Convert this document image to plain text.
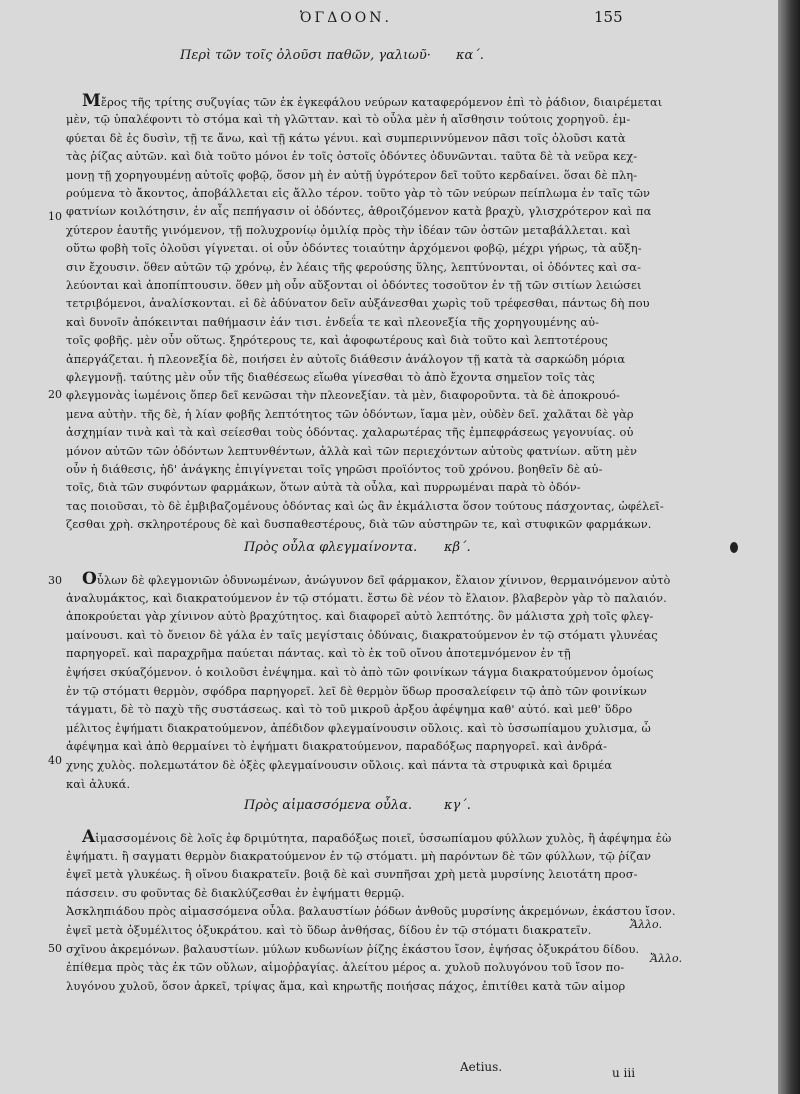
ὈΓΔΟΟΝ.	155
Περὶ τῶν τοῖς ὀλοῦσι παθῶν, γαλιωῦ· κα΄.
Μἔρος τῆς τρίτης συζυγίας τῶν ἐκ ἐγκεφάλου νεύρων καταφερόμενον ἐπὶ τὸ ῥάδιον, διαιρέμεται
μὲν, τῷ ὑπαλέφοντι τὸ στόμα καὶ τὴ γλῶτταν. καὶ τὸ οὖλα μὲν ἡ αἴσθησιν τούτοις χορηγοῦ. ἐμ-
φύεται δὲ ἐς δυσὶν, τῇ τε ἄνω, καὶ τῇ κάτω γένυι. καὶ συμπεριννύμενον πᾶσι τοῖς ὀλοῦσι κατὰ
τὰς ῥίζας αὐτῶν. καὶ διὰ τοῦτο μόνοι ἐν τοῖς ὀστοῖς ὀδόντες ὀδυνῶνται. ταῦτα δὲ τὰ νεῦρα κεχ-
μονῃ τῇ χορηγουμένῃ αὐτοῖς φοβῷ, ὅσον μὴ ἐν αὐτῇ ὑγρότερον δεῖ τοῦτο κερδαίνει. ὅσαι δὲ πλη-
ρούμενα τὸ ἄκοντος, ἀποβάλλεται εἰς ἄλλο τέρον. τοῦτο γὰρ τὸ τῶν νεύρων πείπλωμα ἐν ταῖς τῶν
φατνίων κοιλότησιν, ἐν αἷς πεπήγασιν οἱ ὀδόντες, ἀθροιζόμενον κατὰ βραχὺ, γλισχρότερον καὶ πα
χύτερον ἑαυτῆς γινόμενον, τῇ πολυχρονίῳ ὁμιλίᾳ πρὸς τὴν ἰδέαν τῶν ὀστῶν μεταβάλλεται. καὶ
οὕτω φοβὴ τοῖς ὀλοῦσι γίγνεται. οἱ οὖν ὀδόντες τοιαύτην ἀρχόμενοι φοβῷ, μέχρι γήρως, τὰ αὔξη-
σιν ἔχουσιν. ὅθεν αὐτῶν τῷ χρόνῳ, ἐν λέαις τῆς φερούσης ὕλης, λεπτύνονται, οἱ ὀδόντες καὶ σα-
λεύονται καὶ ἀποπίπτουσιν. ὅθεν μὴ οὖν αὔξονται οἱ ὀδόντες τοσοῦτον ἐν τῇ τῶν σιτίων λειώσει
τετριβόμενοι, ἀναλίσκονται. εἰ δὲ ἀδύνατον δεῖν αὐξάνεσθαι χωρὶς τοῦ τρέφεσθαι, πάντως δὴ που
καὶ δυνοῖν ἀπόκεινται παθήμασιν ἐάν τισι. ἐνδεΐα τε καὶ πλεονεξία τῆς χορηγουμένης αὐ-
τοῖς φοβῆς. μὲν οὖν οὕτως. ξηρότερους τε, καὶ ἀφοφωτέρους καὶ διὰ τοῦτο καὶ λεπτοτέρους
ἀπεργάζεται. ἡ πλεονεξία δὲ, ποιήσει ἐν αὐτοῖς διάθεσιν ἀνάλογον τῇ κατὰ τὰ σαρκώδη μόρια
φλεγμονῇ. ταύτης μὲν οὖν τῆς διαθέσεως εἴωθα γίνεσθαι τὸ ἀπὸ ἔχοντα σημεῖον τοῖς τὰς
φλεγμονὰς ἰωμένοις ὅπερ δεῖ κενῶσαι τὴν πλεονεξίαν. τὰ μὲν, διαφοροῦντα. τὰ δὲ ἀποκρουό-
μενα αὐτὴν. τῆς δὲ, ἡ λίαν φοβῆς λεπτότητος τῶν ὀδόντων, ἴαμα μὲν, οὐδὲν δεῖ. χαλᾶται δὲ γὰρ
ἀσχημίαν τινὰ καὶ τὰ καὶ σείεσθαι τοὺς ὀδόντας. χαλαρωτέρας τῆς ἐμπεφράσεως γεγονυίας. οὐ
μόνον αὐτῶν τῶν ὀδόντων λεπτυνθέντων, ἀλλὰ καὶ τῶν περιεχόντων αὐτοὺς φατνίων. αὕτη μὲν
οὖν ἡ διάθεσις, ἡδ' ἀνάγκης ἐπιγίγνεται τοῖς γηρῶσι προϊόντος τοῦ χρόνου. βοηθεῖν δὲ αὐ-
τοῖς, διὰ τῶν συφόντων φαρμάκων, ὅτων αὐτὰ τὰ οὖλα, καὶ πυρρωμέναι παρὰ τὸ ὀδόν-
τας ποιοῦσαι, τὸ δὲ ἐμβιβαζομένους ὀδόντας καὶ ὡς ἂν ἐκμάλιστα ὅσον τούτους πάσχοντας, ὠφέλεῖ-
ζεσθαι χρὴ. σκληροτέρους δὲ καὶ δυσπαθεστέρους, διὰ τῶν αὐστηρῶν τε, καὶ στυφικῶν φαρμάκων.
Πρὸς οὖλα φλεγμαίνοντα. κβ΄.
Οὖλων δὲ φλεγμονιῶν ὀδυνωμένων, ἀνώγυνον δεῖ φάρμακον, ἔλαιον χίνινον, θερμαινόμενον αὐτὸ
ἀναλυμάκτος, καὶ διακρατούμενον ἐν τῷ στόματι. ἔστω δὲ νέον τὸ ἔλαιον. βλαβερὸν γὰρ τὸ παλαιόν.
ἀποκρούεται γὰρ χίνινον αὐτὸ βραχύτητος. καὶ διαφορεῖ αὐτὸ λεπτότης. ὃν μάλιστα χρὴ τοῖς φλεγ-
μαίνουσι. καὶ τὸ ὄνειον δὲ γάλα ἐν ταῖς μεγίσταις ὀδύναις, διακρατούμενον ἐν τῷ στόματι γλυνέας
παρηγορεῖ. καὶ παραχρῆμα παύεται πάντας. καὶ τὸ ἐκ τοῦ οἴνου ἀποτεμνόμενον ἐν τῇ
ἐψήσει σκύαζόμενον. ὁ κοιλοῦσι ἐνέψημα. καὶ τὸ ἀπὸ τῶν φοινίκων τάγμα διακρατούμενον ὁμοίως
ἐν τῷ στόματι θερμὸν, σφόδρα παρηγορεῖ. λεῖ δὲ θερμὸν ὕδωρ προσαλείφειν τῷ ἀπὸ τῶν φοινίκων
τάγματι, δὲ τὸ παχὺ τῆς συστάσεως. καὶ τὸ τοῦ μικροῦ ἀρξου ἀφέψημα καθ' αὑτό. καὶ μεθ' ὕδρο
μέλιτος ἐψήματι διακρατούμενον, ἀπέδιδον φλεγμαίνουσιν οὔλοις. καὶ τὸ ὑσσωπίαμου χυλισμα, ὧ
ἀφέψημα καὶ ἀπὸ θερμαίνει τὸ ἐψήματι διακρατούμενον, παραδόξως παρηγορεῖ. καὶ ἀνδρά-
χνης χυλὸς. πολεμωτάτον δὲ ὀξὲς φλεγμαίνουσιν οὔλοις. καὶ πάντα τὰ στρυφικὰ καὶ δριμέα
καὶ ἀλυκά.
Πρὸς αἱμασσόμενα οὖλα. κγ΄.
Αἱμασσομένοις δὲ λοῖς ἐφ δριμύτητα, παραδόξως ποιεῖ, ὑσσωπίαμου φύλλων χυλὸς, ἢ ἀφέψημα ἐὼ
ἐψήματι. ἢ σαγματι θερμὸν διακρατούμενον ἐν τῷ στόματι. μὴ παρόντων δὲ τῶν φύλλων, τῷ ῥίζαν
ἐψεῖ μετὰ γλυκέως. ἢ οἴνου διακρατεῖν. βοιᾷ δὲ καὶ συνπῆσαι χρὴ μετὰ μυρσίνης λειοτάτη προσ-
πάσσειν. συ φοῦντας δὲ διακλύζεσθαι ἐν ἐψήματι θερμῷ.
Ἀσκληπιάδου πρὸς αἱμασσόμενα οὖλα. βαλαυστίων ῥόδων ἀνθοῦς μυρσίνης ἀκρεμόνων, ἑκάστου ἴσον.
ἐψεῖ μετὰ ὀξυμέλιτος ὀξυκράτου. καὶ τὸ ὕδωρ ἀνθήσας, δίδου ἐν τῷ στόματι διακρατεῖν.
σχῖνου ἀκρεμόνων. βαλαυστίων. μύλων κυδωνίων ῥίζης ἑκάστου ἴσον, ἐψήσας ὀξυκράτου δίδου.
ἐπίθεμα πρὸς τὰς ἐκ τῶν οὔλων, αἱμοῤῥαγίας. ἀλείτου μέρος α. χυλοῦ πολυγόνου τοῦ ἴσον πο-
λυγόνου χυλοῦ, ὅσον ἀρκεῖ, τρίψας ἅμα, καὶ κηρωτῆς ποιήσας πάχος, ἐπιτίθει κατὰ τῶν αἱμορ
10
20
30
40
50
Ἄλλο.
Ἄλλο.
Aetius.	u iii
